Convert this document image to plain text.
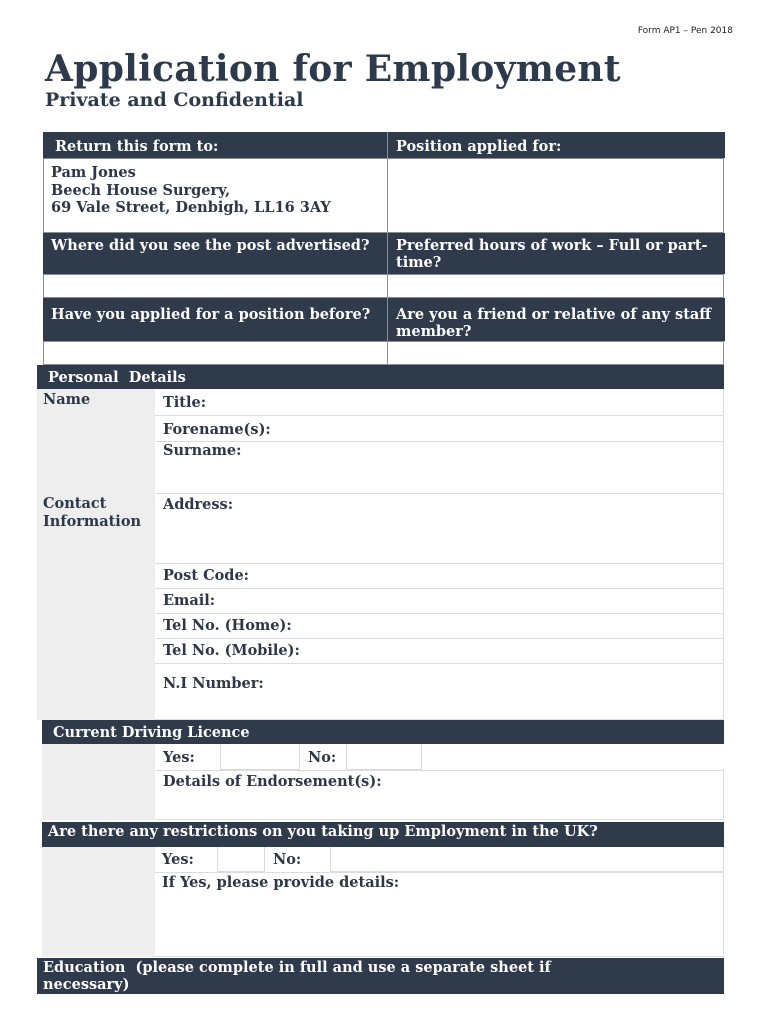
Form AP1 – Pen 2018
Application for Employment
Private and Confidential
Return this form to:	Position applied for:
Pam Jones
Beech House Surgery,
69 Vale Street, Denbigh, LL16 3AY
Where did you see the post advertised?	Preferred hours of work – Full or part-time?
Have you applied for a position before?	Are you a friend or relative of any staff member?
Personal  Details
Name	Title:
Forename(s):
Surname:
Contact Information
Address:
Post Code:
Email:
Tel No. (Home):
Tel No. (Mobile):
N.I Number:
Current Driving Licence
Yes:	No:
Details of Endorsement(s):
Are there any restrictions on you taking up Employment in the UK?
Yes:	No:
If Yes, please provide details:
Education  (please complete in full and use a separate sheet if necessary)
